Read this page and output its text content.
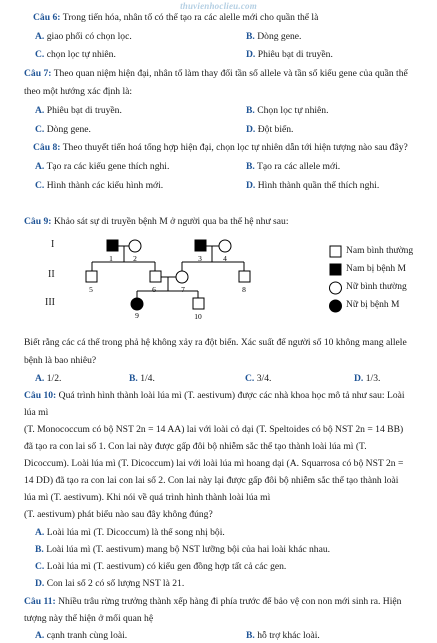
thuvienhoclieu.com
Câu 6: Trong tiến hóa, nhân tố có thể tạo ra các alelle mới cho quần thể là
A. giao phối có chọn lọc.	B. Dòng gene.
C. chọn lọc tự nhiên.	D. Phiêu bạt di truyền.
Câu 7: Theo quan niệm hiện đại, nhân tố làm thay đổi tần số allele và tần số kiểu gene của quần thể
theo một hướng xác định là:
A. Phiêu bạt di truyền.	B. Chọn lọc tự nhiên.
C. Dòng gene.	D. Đột biến.
Câu 8: Theo thuyết tiến hoá tổng hợp hiện đại, chọn lọc tự nhiên dẫn tới hiện tượng nào sau đây?
A. Tạo ra các kiểu gene thích nghi.	B. Tạo ra các allele mới.
C. Hình thành các kiểu hình mới.	D. Hình thành quần thể thích nghi.
Câu 9: Khảo sát sự di truyền bệnh M ở người qua ba thế hệ như sau:
1	2	3	4
5	6	7	8
9	10
I
II
III
Nam bình thường
Nam bị bệnh M
Nữ bình thường
Nữ bị bệnh M
Biết rằng các cá thể trong phả hệ không xảy ra đột biến. Xác suất để người số 10 không mang allele
bệnh là bao nhiêu?
A. 1/2.	B. 1/4.	C. 3/4.	D. 1/3.
Câu 10: Quá trình hình thành loài lúa mì (T. aestivum) được các nhà khoa học mô tả như sau: Loài
lúa mì
(T. Monococcum có bộ NST 2n = 14 AA) lai với loài cỏ dại (T. Speltoides có bộ NST 2n = 14 BB)
đã tạo ra con lai số 1. Con lai này được gấp đôi bộ nhiễm sắc thể tạo thành loài lúa mì (T.
Dicoccum). Loài lúa mì (T. Dicoccum) lai với loài lúa mì hoang dại (A. Squarrosa có bộ NST 2n =
14 DD) đã tạo ra con lai con lai số 2. Con lai này lại được gấp đôi bộ nhiễm sắc thể tạo thành loài
lúa mì (T. aestivum). Khi nói về quá trình hình thành loài lúa mì
(T. aestivum) phát biểu nào sau đây không đúng?
A. Loài lúa mì (T. Dicoccum) là thể song nhị bội.
B. Loài lúa mì (T. aestivum) mang bộ NST lưỡng bội của hai loài khác nhau.
C. Loài lúa mì (T. aestivum) có kiểu gen đồng hợp tất cả các gen.
D. Con lai số 2 có số lượng NST là 21.
Câu 11: Nhiều trâu rừng trưởng thành xếp hàng đi phía trước để bảo vệ con non mới sinh ra. Hiện
tượng này thể hiện ở mối quan hệ
A. cạnh tranh cùng loài.	B. hỗ trợ khác loài.
